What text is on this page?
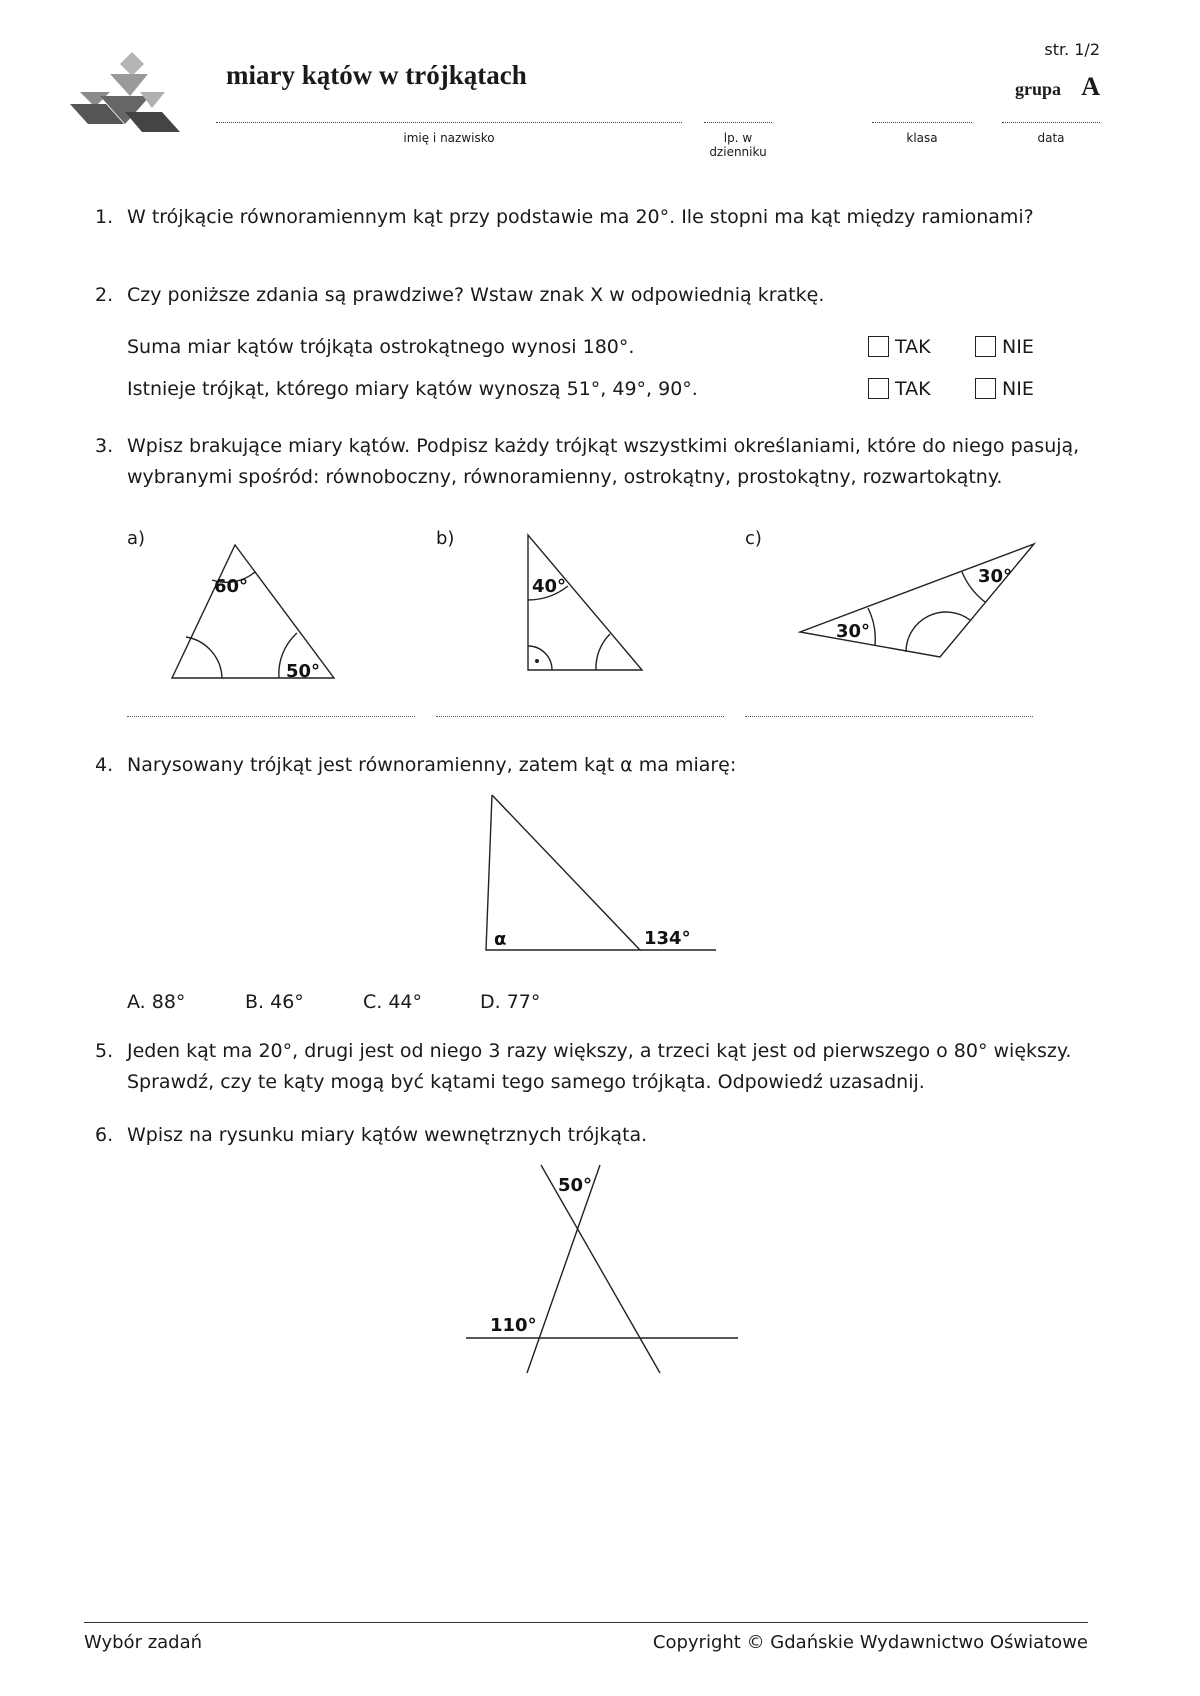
miary kątów w trójkątach
str. 1/2
grupa A
imię i nazwisko	lp. w dzienniku
klasa	data
1. W trójkącie równoramiennym kąt przy podstawie ma 20°. Ile stopni ma kąt między ramionami?
2. Czy poniższe zdania są prawdziwe? Wstaw znak X w odpowiednią kratkę.
Suma miar kątów trójkąta ostrokątnego wynosi 180°.	TAK	NIE
Istnieje trójkąt, którego miary kątów wynoszą 51°, 49°, 90°.	TAK	NIE
3. Wpisz brakujące miary kątów. Podpisz każdy trójkąt wszystkimi określaniami, które do niego pasują, wybranymi spośród: równoboczny, równoramienny, ostrokątny, prostokątny, rozwartokątny.
a)	b)	c)
60°
50°
40°	30°
30°
4. Narysowany trójkąt jest równoramienny, zatem kąt α ma miarę:
α	134°
A. 88°	B. 46°	C. 44°	D. 77°
5. Jeden kąt ma 20°, drugi jest od niego 3 razy większy, a trzeci kąt jest od pierwszego o 80° większy. Sprawdź, czy te kąty mogą być kątami tego samego trójkąta. Odpowiedź uzasadnij.
6. Wpisz na rysunku miary kątów wewnętrznych trójkąta.
50°
110°
Wybór zadań	Copyright © Gdańskie Wydawnictwo Oświatowe
